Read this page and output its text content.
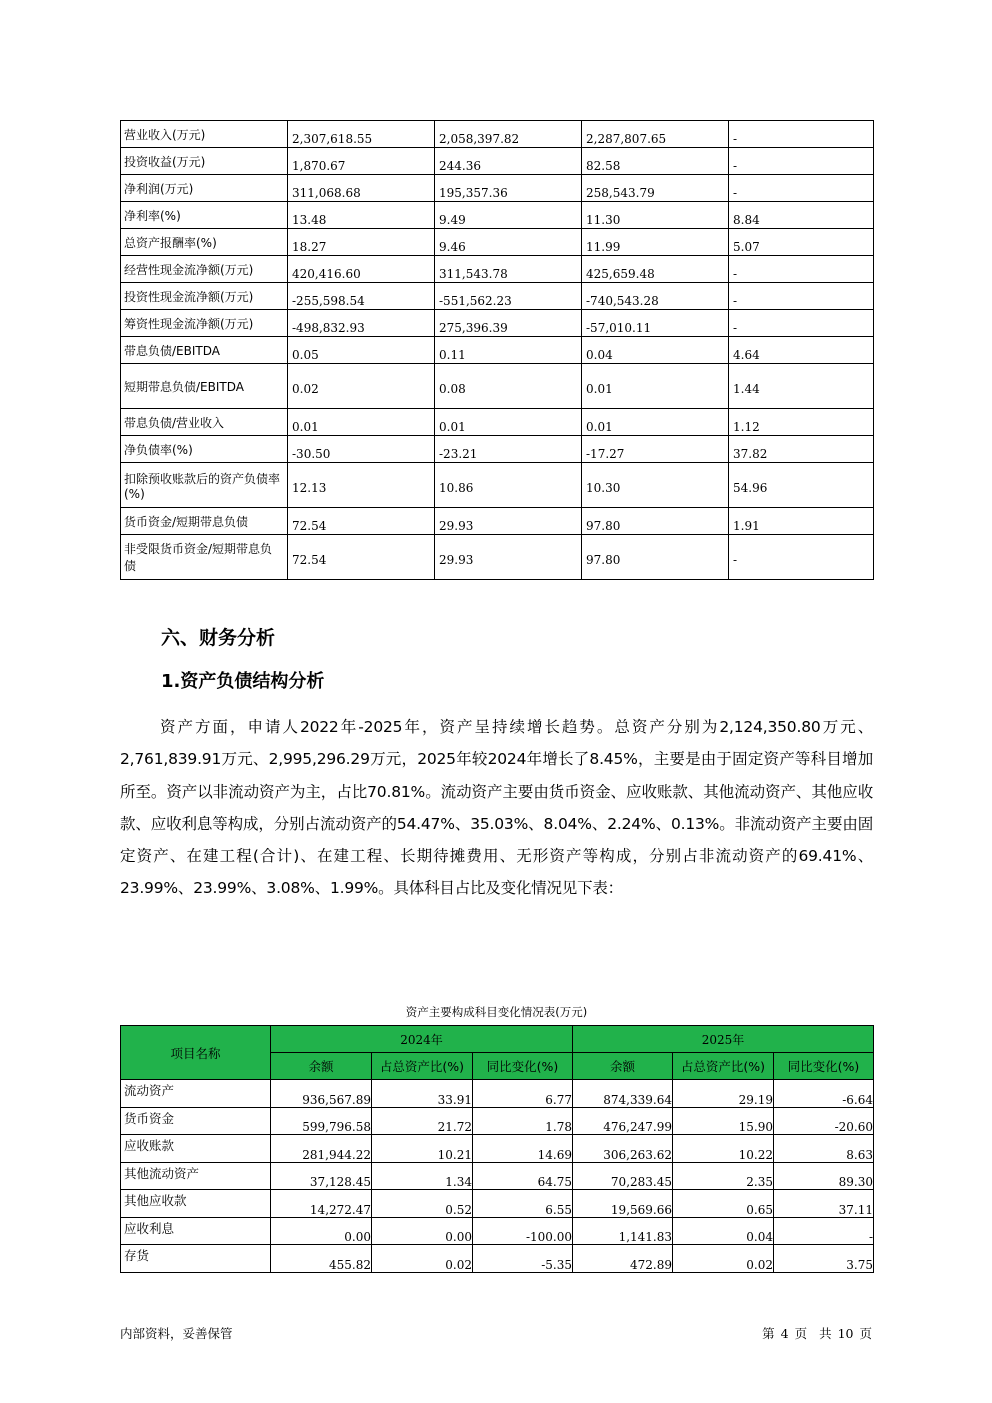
营业收入(万元)	2,307,618.55	2,058,397.82	2,287,807.65	-
投资收益(万元)	1,870.67	244.36	82.58	-
净利润(万元)	311,068.68	195,357.36	258,543.79	-
净利率(%)	13.48	9.49	11.30	8.84
总资产报酬率(%)	18.27	9.46	11.99	5.07
经营性现金流净额(万元)	420,416.60	311,543.78	425,659.48	-
投资性现金流净额(万元)	-255,598.54	-551,562.23	-740,543.28	-
筹资性现金流净额(万元)	-498,832.93	275,396.39	-57,010.11	-
带息负债/EBITDA	0.05	0.11	0.04	4.64
短期带息负债/EBITDA	0.02	0.08	0.01	1.44
带息负债/营业收入	0.01	0.01	0.01	1.12
净负债率(%)	-30.50	-23.21	-17.27	37.82
扣除预收账款后的资产负债率(%)	12.13	10.86	10.30	54.96
货币资金/短期带息负债	72.54	29.93	97.80	1.91
非受限货币资金/短期带息负债	72.54	29.93	97.80	-
六、财务分析
1.资产负债结构分析

资产方面，申请人2022年-2025年，资产呈持续增长趋势。总资产分别为2,124,350.80万元、2,761,839.91万元、2,995,296.29万元，2025年较2024年增长了8.45%，主要是由于固定资产等科目增加所至。资产以非流动资产为主，占比70.81%。流动资产主要由货币资金、应收账款、其他流动资产、其他应收款、应收利息等构成，分别占流动资产的54.47%、35.03%、8.04%、2.24%、0.13%。非流动资产主要由固定资产、在建工程(合计)、在建工程、长期待摊费用、无形资产等构成，分别占非流动资产的69.41%、23.99%、23.99%、3.08%、1.99%。具体科目占比及变化情况见下表：

资产主要构成科目变化情况表(万元)
项目名称	2024年			2025年		
	余额	占总资产比(%)	同比变化(%)	余额	占总资产比(%)	同比变化(%)
流动资产	936,567.89	33.91	6.77	874,339.64	29.19	-6.64
货币资金	599,796.58	21.72	1.78	476,247.99	15.90	-20.60
应收账款	281,944.22	10.21	14.69	306,263.62	10.22	8.63
其他流动资产	37,128.45	1.34	64.75	70,283.45	2.35	89.30
其他应收款	14,272.47	0.52	6.55	19,569.66	0.65	37.11
应收利息	0.00	0.00	-100.00	1,141.83	0.04	-
存货	455.82	0.02	-5.35	472.89	0.02	3.75
内部资料，妥善保管	第 4 页 共 10 页
